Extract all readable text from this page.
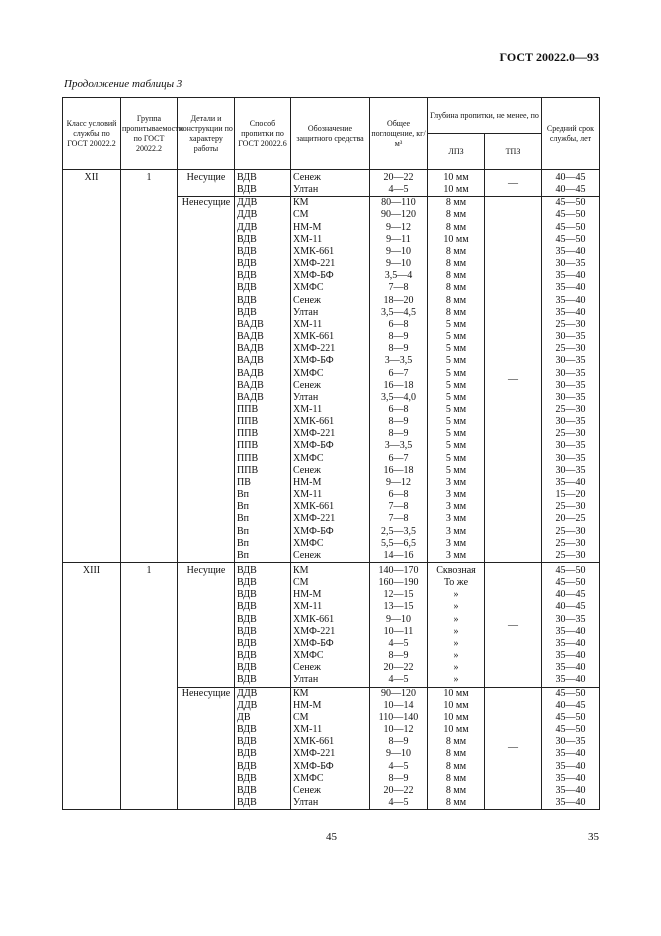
ГОСТ 20022.0—93
Продолжение таблицы 3
Класс условий службы по ГОСТ 20022.2	Группа пропитываемости по ГОСТ 20022.2	Детали и конструкции по характеру работы	Способ пропитки по ГОСТ 20022.6	Обозначение защитного средства	Общее поглощение, кг/м³	Глубина пропитки, не менее, по		Средний срок службы, лет
						ЛПЗ	ТПЗ	
XII	1	Несущие	ВДВ	Сенеж	20—22	10 мм	—	40—45
			ВДВ	Ултан	4—5	10 мм		40—45
		Ненесущие	ДДВ	КМ	80—110	8 мм	—	45—50
			ДДВ	СМ	90—120	8 мм		45—50
			ДДВ	НМ-М	9—12	8 мм		45—50
			ВДВ	ХМ-11	9—11	10 мм		45—50
			ВДВ	ХМК-661	9—10	8 мм		35—40
			ВДВ	ХМФ-221	9—10	8 мм		30—35
			ВДВ	ХМФ-БФ	3,5—4	8 мм		35—40
			ВДВ	ХМФС	7—8	8 мм		35—40
			ВДВ	Сенеж	18—20	8 мм		35—40
			ВДВ	Ултан	3,5—4,5	8 мм		35—40
			ВАДВ	ХМ-11	6—8	5 мм		25—30
			ВАДВ	ХМК-661	8—9	5 мм		30—35
			ВАДВ	ХМФ-221	8—9	5 мм		25—30
			ВАДВ	ХМФ-БФ	3—3,5	5 мм		30—35
			ВАДВ	ХМФС	6—7	5 мм		30—35
			ВАДВ	Сенеж	16—18	5 мм		30—35
			ВАДВ	Ултан	3,5—4,0	5 мм		30—35
			ППВ	ХМ-11	6—8	5 мм		25—30
			ППВ	ХМК-661	8—9	5 мм		30—35
			ППВ	ХМФ-221	8—9	5 мм		25—30
			ППВ	ХМФ-БФ	3—3,5	5 мм		30—35
			ППВ	ХМФС	6—7	5 мм		30—35
			ППВ	Сенеж	16—18	5 мм		30—35
			ПВ	НМ-М	9—12	3 мм		35—40
			Вп	ХМ-11	6—8	3 мм		15—20
			Вп	ХМК-661	7—8	3 мм		25—30
			Вп	ХМФ-221	7—8	3 мм		20—25
			Вп	ХМФ-БФ	2,5—3,5	3 мм		25—30
			Вп	ХМФС	5,5—6,5	3 мм		25—30
			Вп	Сенеж	14—16	3 мм		25—30
XIII	1	Несущие	ВДВ	КМ	140—170	Сквозная	—	45—50
			ВДВ	СМ	160—190	То же		45—50
			ВДВ	НМ-М	12—15	»		40—45
			ВДВ	ХМ-11	13—15	»		40—45
			ВДВ	ХМК-661	9—10	»		30—35
			ВДВ	ХМФ-221	10—11	»		35—40
			ВДВ	ХМФ-БФ	4—5	»		35—40
			ВДВ	ХМФС	8—9	»		35—40
			ВДВ	Сенеж	20—22	»		35—40
			ВДВ	Ултан	4—5	»		35—40
		Ненесущие	ДДВ	КМ	90—120	10 мм	—	45—50
			ДДВ	НМ-М	10—14	10 мм		40—45
			ДВ	СМ	110—140	10 мм		45—50
			ВДВ	ХМ-11	10—12	10 мм		45—50
			ВДВ	ХМК-661	8—9	8 мм		30—35
			ВДВ	ХМФ-221	9—10	8 мм		35—40
			ВДВ	ХМФ-БФ	4—5	8 мм		35—40
			ВДВ	ХМФС	8—9	8 мм		35—40
			ВДВ	Сенеж	20—22	8 мм		35—40
			ВДВ	Ултан	4—5	8 мм		35—40
45	35
